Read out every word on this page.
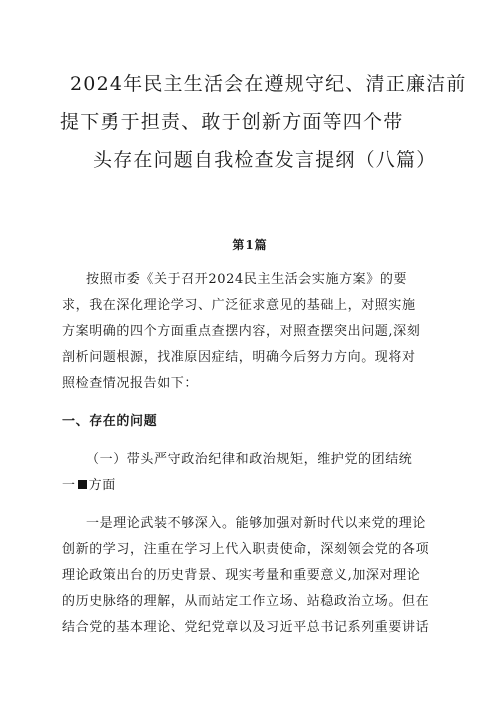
2024年民主生活会在遵规守纪、清正廉洁前
提下勇于担责、敢于创新方面等四个带
头存在问题自我检查发言提纲（八篇）
第1篇
按照市委《关于召开2024民主生活会实施方案》的要
求，我在深化理论学习、广泛征求意见的基础上，对照实施
方案明确的四个方面重点查摆内容，对照查摆突出问题,深刻
剖析问题根源，找准原因症结，明确今后努力方向。现将对
照检查情况报告如下：
一、存在的问题
（一）带头严守政治纪律和政治规矩，维护党的团结统
一 方面
一是理论武装不够深入。能够加强对新时代以来党的理论
创新的学习，注重在学习上代入职责使命，深刻领会党的各项
理论政策出台的历史背景、现实考量和重要意义,加深对理论
的历史脉络的理解，从而站定工作立场、站稳政治立场。但在
结合党的基本理论、党纪党章以及习近平总书记系列重要讲话
